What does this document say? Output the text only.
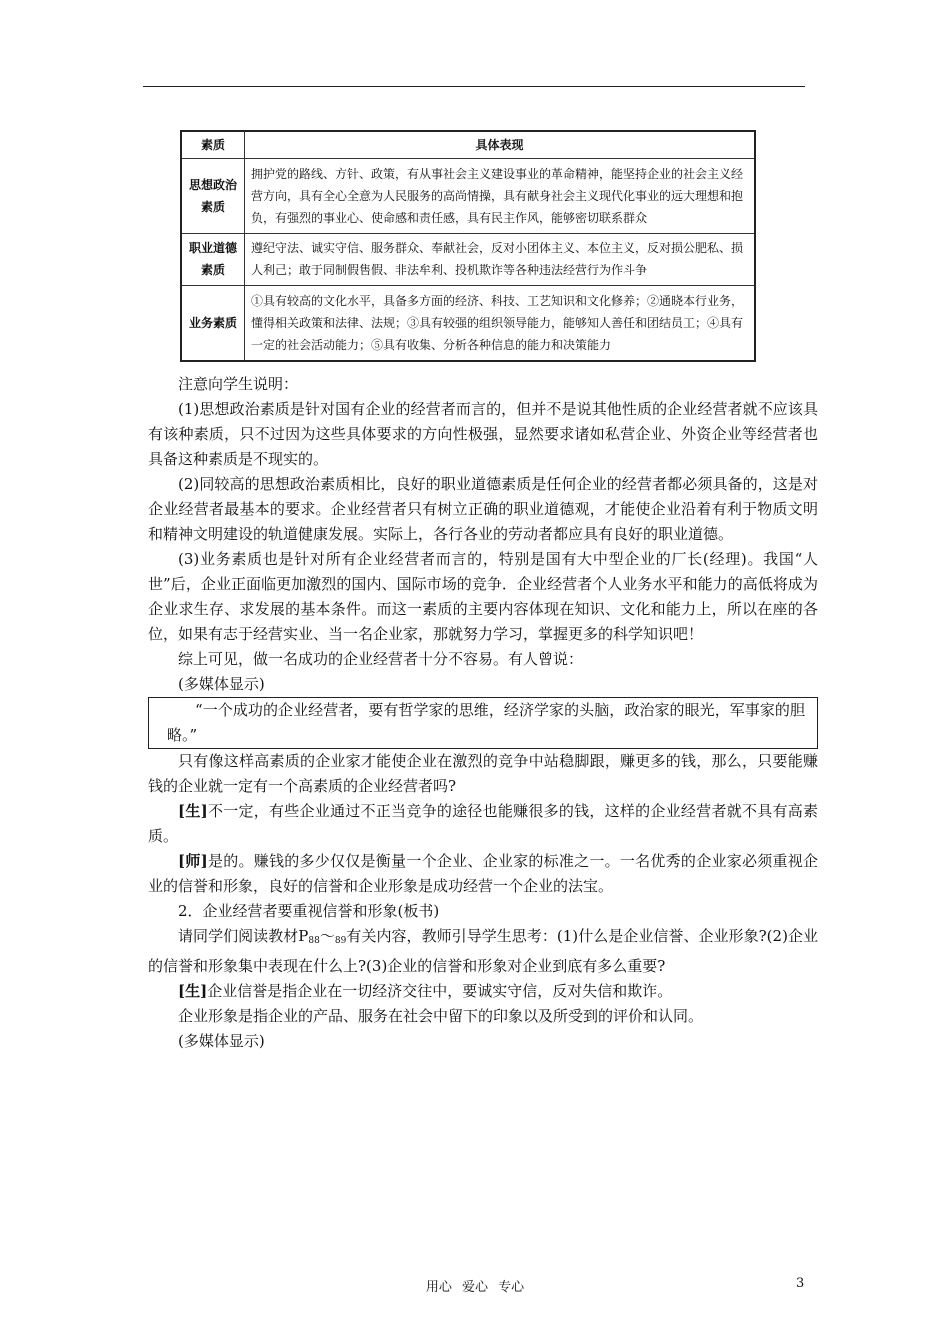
素质	具体表现
思想政治素质	拥护党的路线、方针、政策，有从事社会主义建设事业的革命精神，能坚持企业的社会主义经营方向，具有全心全意为人民服务的高尚情操，具有献身社会主义现代化事业的远大理想和抱负，有强烈的事业心、使命感和责任感，具有民主作风，能够密切联系群众
职业道德素质	遵纪守法、诚实守信、服务群众、奉献社会，反对小团体主义、本位主义，反对损公肥私、损人利己；敢于同制假售假、非法牟利、投机欺诈等各种违法经营行为作斗争
业务素质	①具有较高的文化水平，具备多方面的经济、科技、工艺知识和文化修养；②通晓本行业务，懂得相关政策和法律、法规；③具有较强的组织领导能力，能够知人善任和团结员工；④具有一定的社会活动能力；⑤具有收集、分析各种信息的能力和决策能力

注意向学生说明：

(1)思想政治素质是针对国有企业的经营者而言的，但并不是说其他性质的企业经营者就不应该具有该种素质，只不过因为这些具体要求的方向性极强，显然要求诸如私营企业、外资企业等经营者也具备这种素质是不现实的。

(2)同较高的思想政治素质相比，良好的职业道德素质是任何企业的经营者都必须具备的，这是对企业经营者最基本的要求。企业经营者只有树立正确的职业道德观，才能使企业沿着有利于物质文明和精神文明建设的轨道健康发展。实际上，各行各业的劳动者都应具有良好的职业道德。

(3)业务素质也是针对所有企业经营者而言的，特别是国有大中型企业的厂长(经理)。我国“人世”后，企业正面临更加激烈的国内、国际市场的竞争．企业经营者个人业务水平和能力的高低将成为企业求生存、求发展的基本条件。而这一素质的主要内容体现在知识、文化和能力上，所以在座的各位，如果有志于经营实业、当一名企业家，那就努力学习，掌握更多的科学知识吧！

综上可见，做一名成功的企业经营者十分不容易。有人曾说：

(多媒体显示)

“一个成功的企业经营者，要有哲学家的思维，经济学家的头脑，政治家的眼光，军事家的胆略。”

只有像这样高素质的企业家才能使企业在激烈的竞争中站稳脚跟，赚更多的钱，那么，只要能赚钱的企业就一定有一个高素质的企业经营者吗?

[生]不一定，有些企业通过不正当竞争的途径也能赚很多的钱，这样的企业经营者就不具有高素质。

[师]是的。赚钱的多少仅仅是衡量一个企业、企业家的标准之一。一名优秀的企业家必须重视企业的信誉和形象，良好的信誉和企业形象是成功经营一个企业的法宝。

2．企业经营者要重视信誉和形象(板书)

请同学们阅读教材$P_{88}\sim_{89}$有关内容，教师引导学生思考：(1)什么是企业信誉、企业形象?(2)企业的信誉和形象集中表现在什么上?(3)企业的信誉和形象对企业到底有多么重要?

[生]企业信誉是指企业在一切经济交往中，要诚实守信，反对失信和欺诈。

企业形象是指企业的产品、服务在社会中留下的印象以及所受到的评价和认同。

(多媒体显示)

用心 爱心 专心	3
